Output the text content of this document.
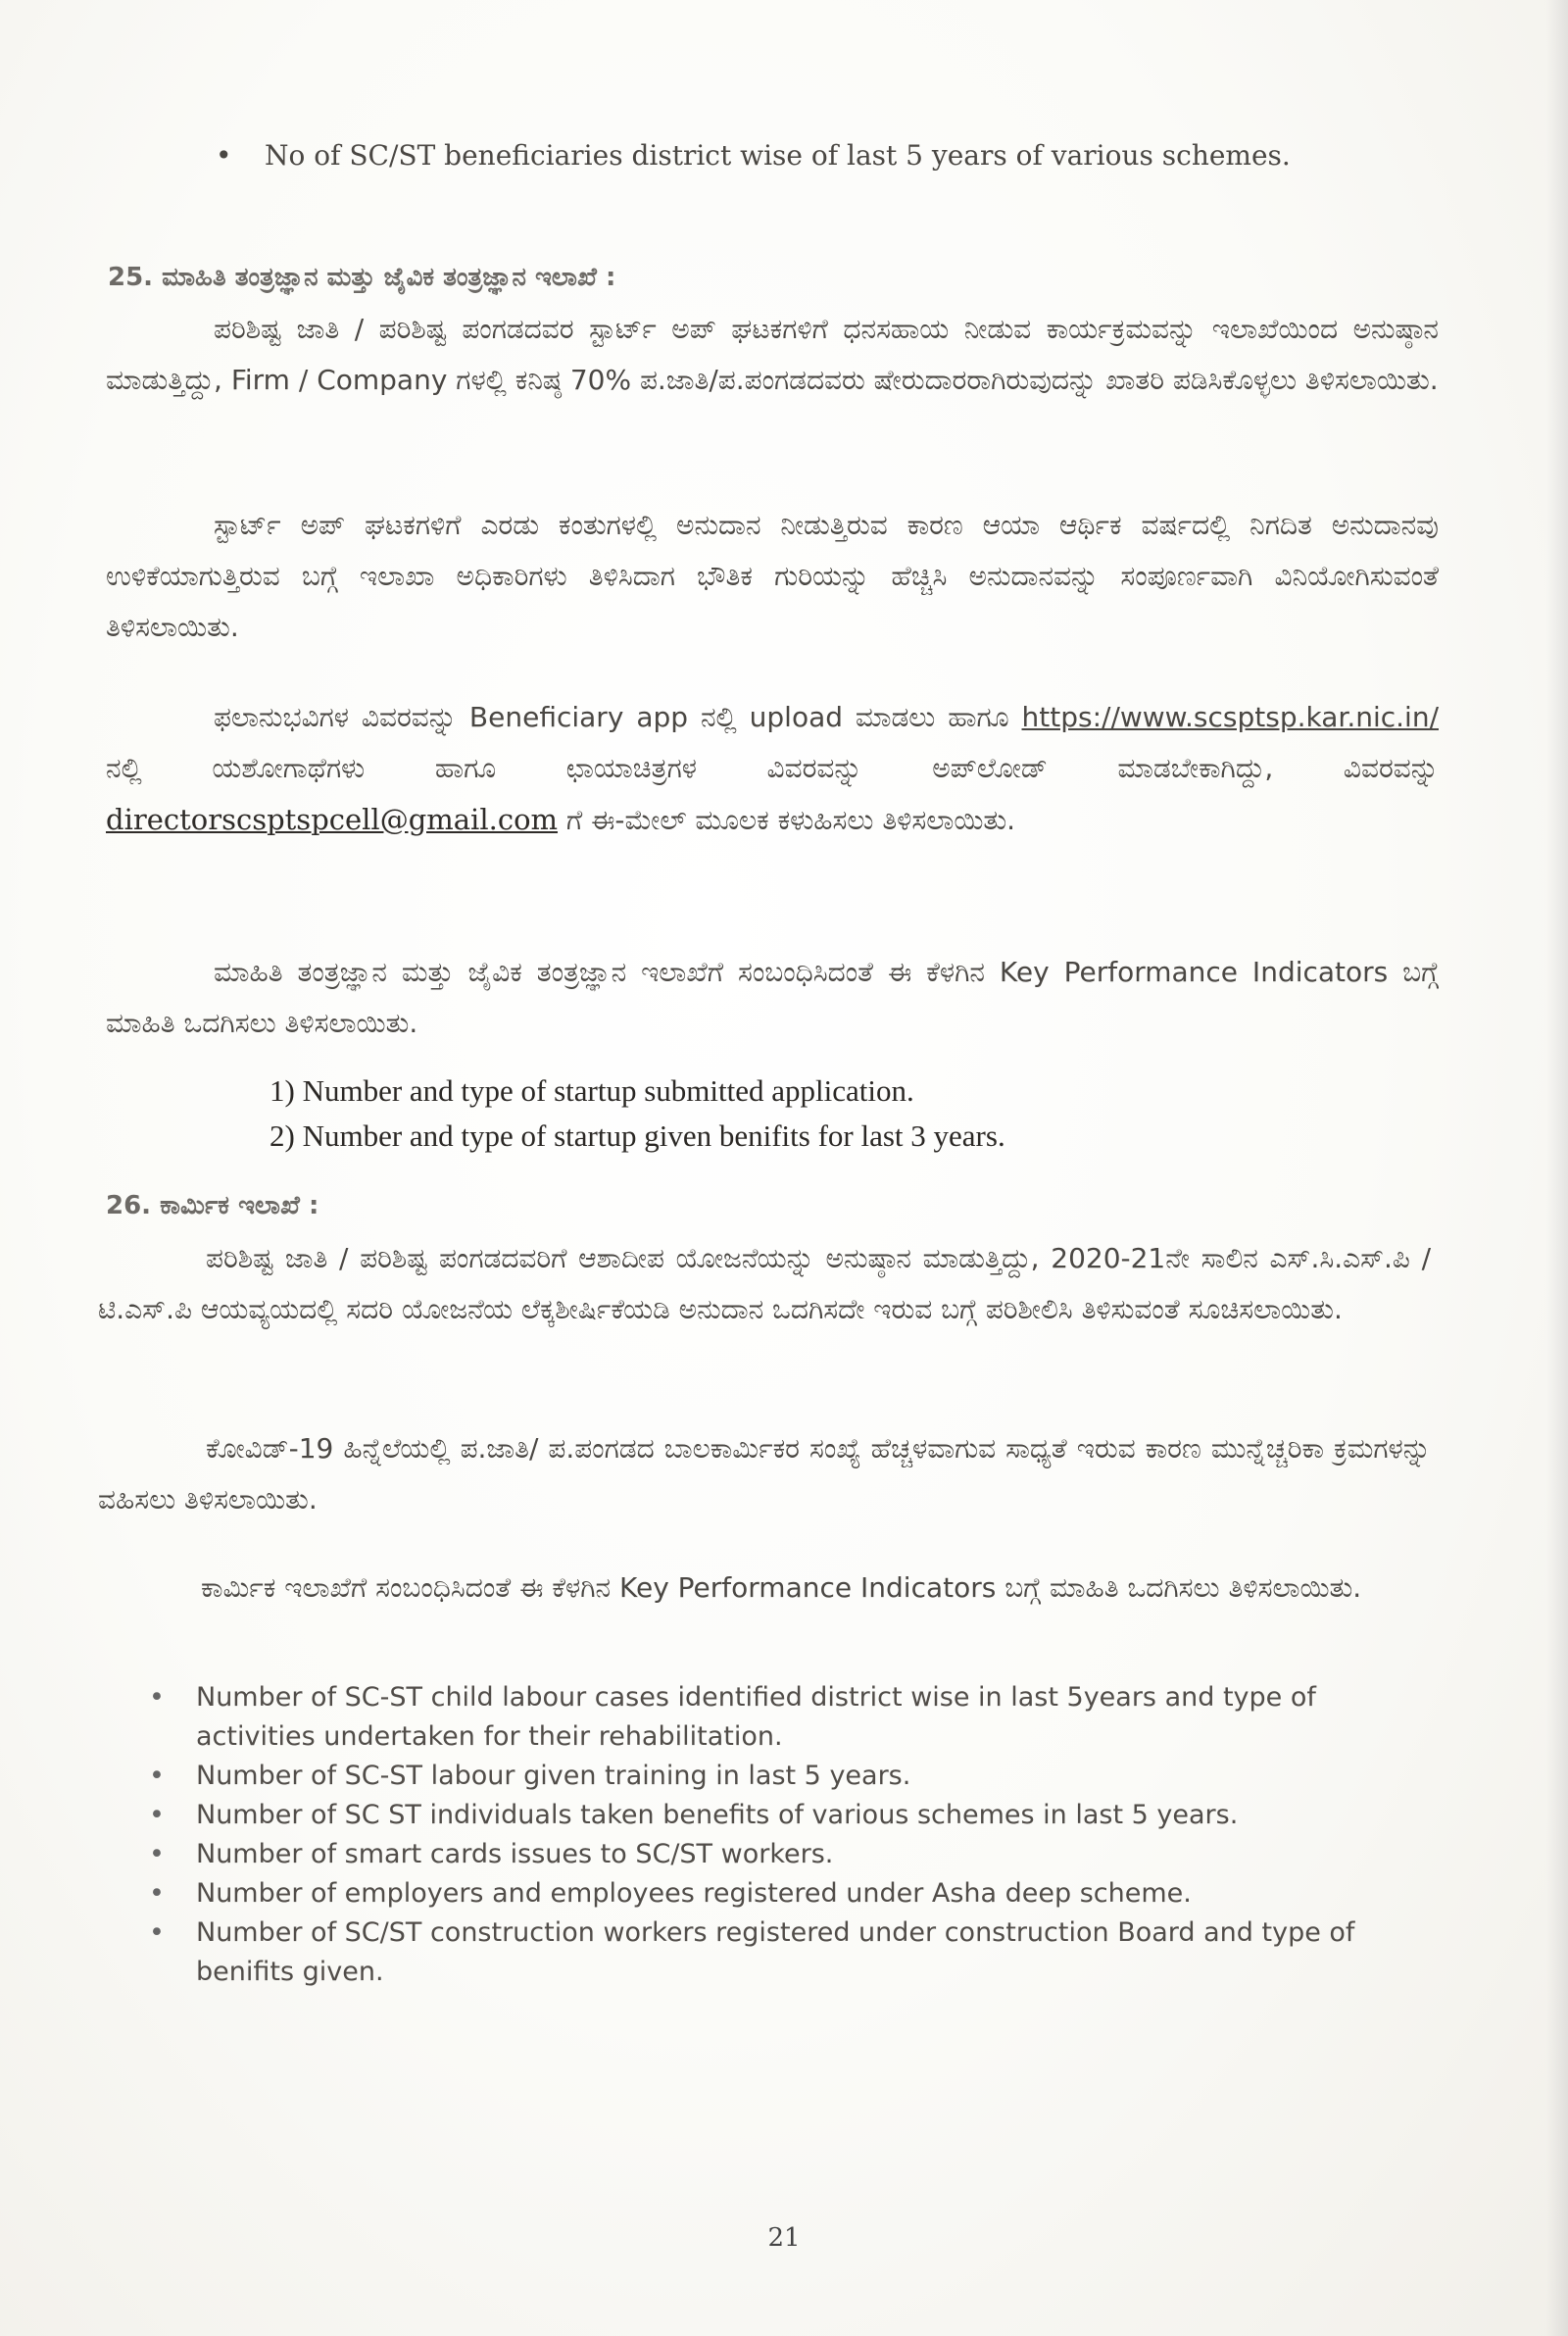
• No of SC/ST beneficiaries district wise of last 5 years of various schemes.
25. ಮಾಹಿತಿ ತಂತ್ರಜ್ಞಾನ ಮತ್ತು ಜೈವಿಕ ತಂತ್ರಜ್ಞಾನ ಇಲಾಖೆ :
ಪರಿಶಿಷ್ಟ ಜಾತಿ / ಪರಿಶಿಷ್ಟ ಪಂಗಡದವರ ಸ್ಟಾರ್ಟ್ ಅಪ್ ಘಟಕಗಳಿಗೆ ಧನಸಹಾಯ ನೀಡುವ ಕಾರ್ಯಕ್ರಮವನ್ನು ಇಲಾಖೆಯಿಂದ ಅನುಷ್ಠಾನ ಮಾಡುತ್ತಿದ್ದು, Firm / Company ಗಳಲ್ಲಿ ಕನಿಷ್ಠ 70% ಪ.ಜಾತಿ/ಪ.ಪಂಗಡದವರು ಷೇರುದಾರರಾಗಿರುವುದನ್ನು ಖಾತರಿ ಪಡಿಸಿಕೊಳ್ಳಲು ತಿಳಿಸಲಾಯಿತು.
ಸ್ಟಾರ್ಟ್ ಅಪ್ ಘಟಕಗಳಿಗೆ ಎರಡು ಕಂತುಗಳಲ್ಲಿ ಅನುದಾನ ನೀಡುತ್ತಿರುವ ಕಾರಣ ಆಯಾ ಆರ್ಥಿಕ ವರ್ಷದಲ್ಲಿ ನಿಗದಿತ ಅನುದಾನವು ಉಳಿಕೆಯಾಗುತ್ತಿರುವ ಬಗ್ಗೆ ಇಲಾಖಾ ಅಧಿಕಾರಿಗಳು ತಿಳಿಸಿದಾಗ ಭೌತಿಕ ಗುರಿಯನ್ನು ಹೆಚ್ಚಿಸಿ ಅನುದಾನವನ್ನು ಸಂಪೂರ್ಣವಾಗಿ ವಿನಿಯೋಗಿಸುವಂತೆ ತಿಳಿಸಲಾಯಿತು.
ಫಲಾನುಭವಿಗಳ ವಿವರವನ್ನು Beneficiary app ನಲ್ಲಿ upload ಮಾಡಲು ಹಾಗೂ https://www.scsptsp.kar.nic.in/ ನಲ್ಲಿ ಯಶೋಗಾಥೆಗಳು ಹಾಗೂ ಛಾಯಾಚಿತ್ರಗಳ ವಿವರವನ್ನು ಅಪ್‌ಲೋಡ್ ಮಾಡಬೇಕಾಗಿದ್ದು, ವಿವರವನ್ನು directorscsptspcell@gmail.com ಗೆ ಈ-ಮೇಲ್ ಮೂಲಕ ಕಳುಹಿಸಲು ತಿಳಿಸಲಾಯಿತು.
ಮಾಹಿತಿ ತಂತ್ರಜ್ಞಾನ ಮತ್ತು ಜೈವಿಕ ತಂತ್ರಜ್ಞಾನ ಇಲಾಖೆಗೆ ಸಂಬಂಧಿಸಿದಂತೆ ಈ ಕೆಳಗಿನ Key Performance Indicators ಬಗ್ಗೆ ಮಾಹಿತಿ ಒದಗಿಸಲು ತಿಳಿಸಲಾಯಿತು.
1) Number and type of startup submitted application.
2) Number and type of startup given benifits for last 3 years.
26. ಕಾರ್ಮಿಕ ಇಲಾಖೆ :
ಪರಿಶಿಷ್ಟ ಜಾತಿ / ಪರಿಶಿಷ್ಟ ಪಂಗಡದವರಿಗೆ ಆಶಾದೀಪ ಯೋಜನೆಯನ್ನು ಅನುಷ್ಠಾನ ಮಾಡುತ್ತಿದ್ದು, 2020-21ನೇ ಸಾಲಿನ ಎಸ್.ಸಿ.ಎಸ್.ಪಿ / ಟಿ.ಎಸ್.ಪಿ ಆಯವ್ಯಯದಲ್ಲಿ ಸದರಿ ಯೋಜನೆಯ ಲೆಕ್ಕಶೀರ್ಷಿಕೆಯಡಿ ಅನುದಾನ ಒದಗಿಸದೇ ಇರುವ ಬಗ್ಗೆ ಪರಿಶೀಲಿಸಿ ತಿಳಿಸುವಂತೆ ಸೂಚಿಸಲಾಯಿತು.
ಕೋವಿಡ್-19 ಹಿನ್ನೆಲೆಯಲ್ಲಿ ಪ.ಜಾತಿ/ ಪ.ಪಂಗಡದ ಬಾಲಕಾರ್ಮಿಕರ ಸಂಖ್ಯೆ ಹೆಚ್ಚಳವಾಗುವ ಸಾಧ್ಯತೆ ಇರುವ ಕಾರಣ ಮುನ್ನೆಚ್ಚರಿಕಾ ಕ್ರಮಗಳನ್ನು ವಹಿಸಲು ತಿಳಿಸಲಾಯಿತು.
ಕಾರ್ಮಿಕ ಇಲಾಖೆಗೆ ಸಂಬಂಧಿಸಿದಂತೆ ಈ ಕೆಳಗಿನ Key Performance Indicators ಬಗ್ಗೆ ಮಾಹಿತಿ ಒದಗಿಸಲು ತಿಳಿಸಲಾಯಿತು.
• Number of SC-ST child labour cases identified district wise in last 5years and type of activities undertaken for their rehabilitation.
• Number of SC-ST labour given training in last 5 years.
• Number of SC ST individuals taken benefits of various schemes in last 5 years.
• Number of smart cards issues to SC/ST workers.
• Number of employers and employees registered under Asha deep scheme.
• Number of SC/ST construction workers registered under construction Board and type of benifits given.
21
